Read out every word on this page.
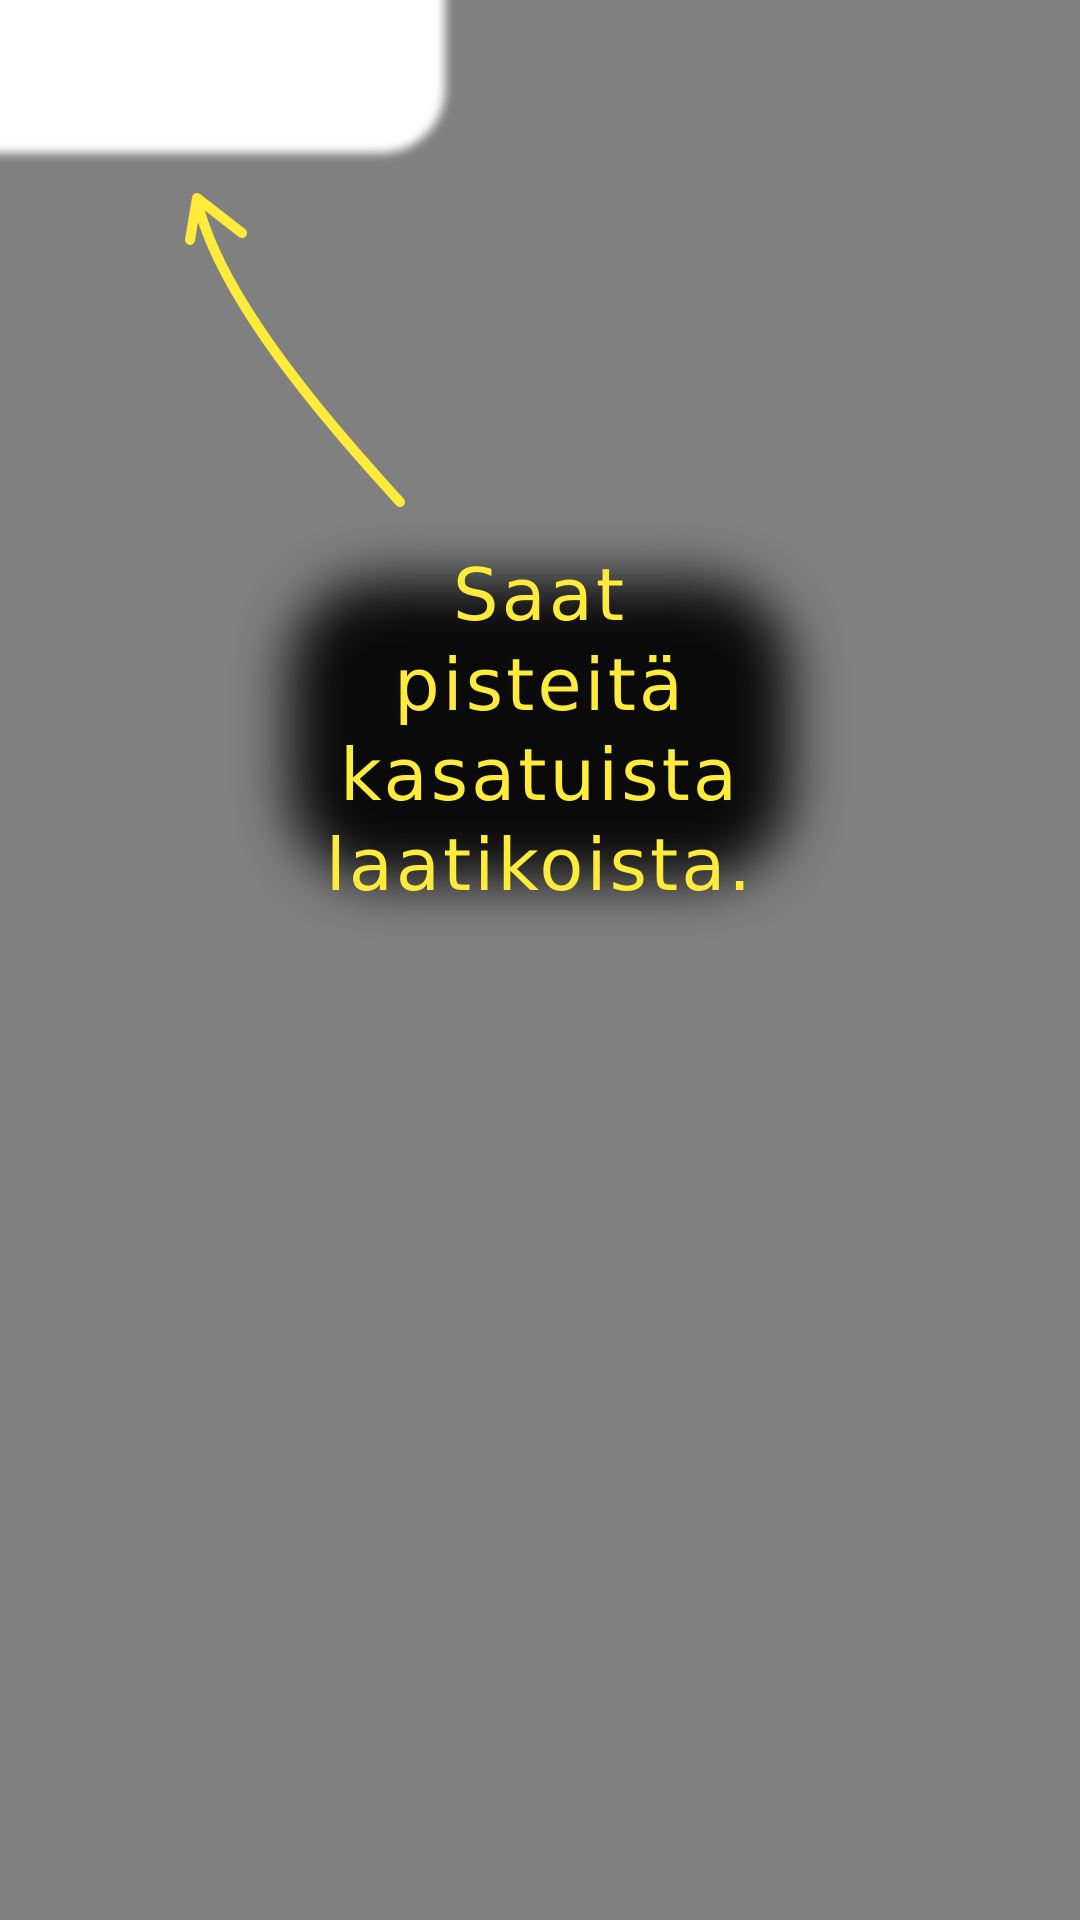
Saat pisteitä kasatuista laatikoista.
